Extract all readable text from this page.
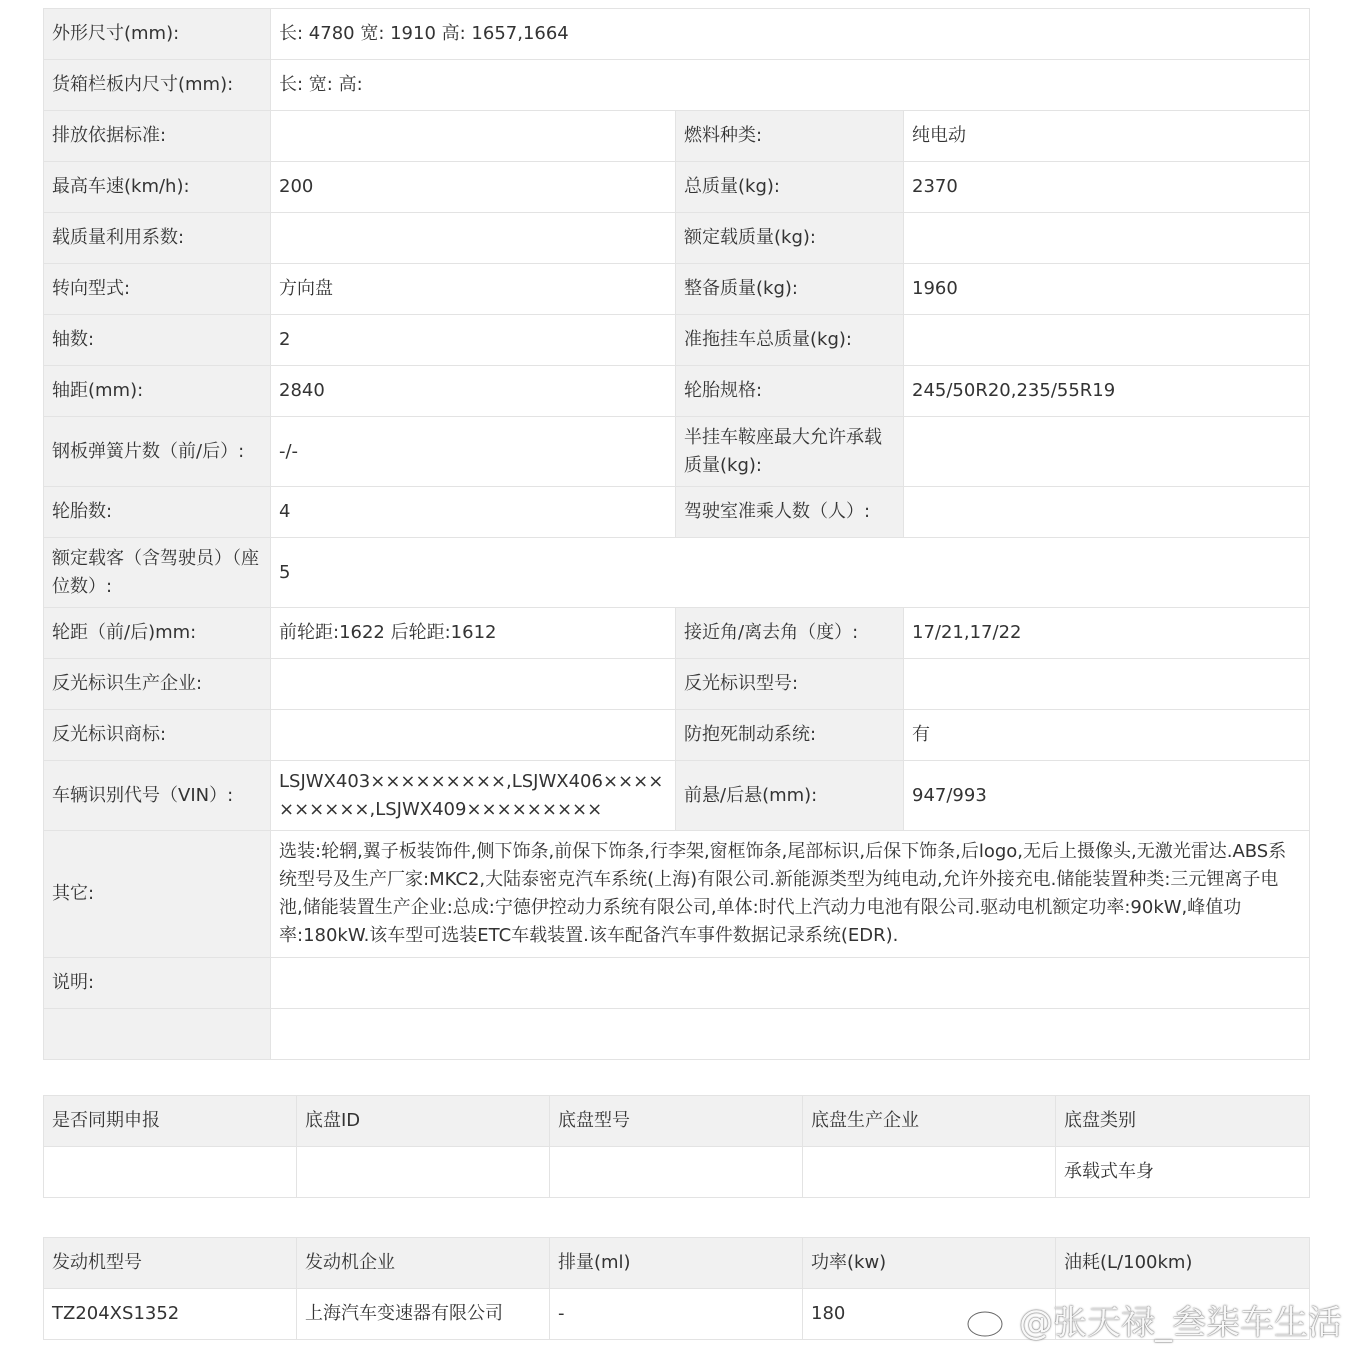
外形尺寸(mm):	长: 4780 宽: 1910 高: 1657,1664		
货箱栏板内尺寸(mm):	长: 宽: 高:		
排放依据标准:		燃料种类:	纯电动
最高车速(km/h):	200	总质量(kg):	2370
载质量利用系数:		额定载质量(kg):	
转向型式:	方向盘	整备质量(kg):	1960
轴数:	2	准拖挂车总质量(kg):	
轴距(mm):	2840	轮胎规格:	245/50R20,235/55R19
钢板弹簧片数（前/后）:	-/-	半挂车鞍座最大允许承载质量(kg):	
轮胎数:	4	驾驶室准乘人数（人）:	
额定载客（含驾驶员）（座位数）:	5		
轮距（前/后)mm:	前轮距:1622 后轮距:1612	接近角/离去角（度）:	17/21,17/22
反光标识生产企业:		反光标识型号:	
反光标识商标:		防抱死制动系统:	有
车辆识别代号（VIN）:	LSJWX403×××××××××,LSJWX406××××××××××,LSJWX409×××××××××	前悬/后悬(mm):	947/993
其它:	选装:轮辋,翼子板装饰件,侧下饰条,前保下饰条,行李架,窗框饰条,尾部标识,后保下饰条,后logo,无后上摄像头,无激光雷达.ABS系统型号及生产厂家:MKC2,大陆泰密克汽车系统(上海)有限公司.新能源类型为纯电动,允许外接充电.储能装置种类:三元锂离子电池,储能装置生产企业:总成:宁德伊控动力系统有限公司,单体:时代上汽动力电池有限公司.驱动电机额定功率:90kW,峰值功率:180kW.该车型可选装ETC车载装置.该车配备汽车事件数据记录系统(EDR).		
说明:			

是否同期申报	底盘ID	底盘型号	底盘生产企业	底盘类别
				承载式车身
发动机型号	发动机企业	排量(ml)	功率(kw)	油耗(L/100km)
TZ204XS1352	上海汽车变速器有限公司	-	180		@张天禄_叁柒车生活
